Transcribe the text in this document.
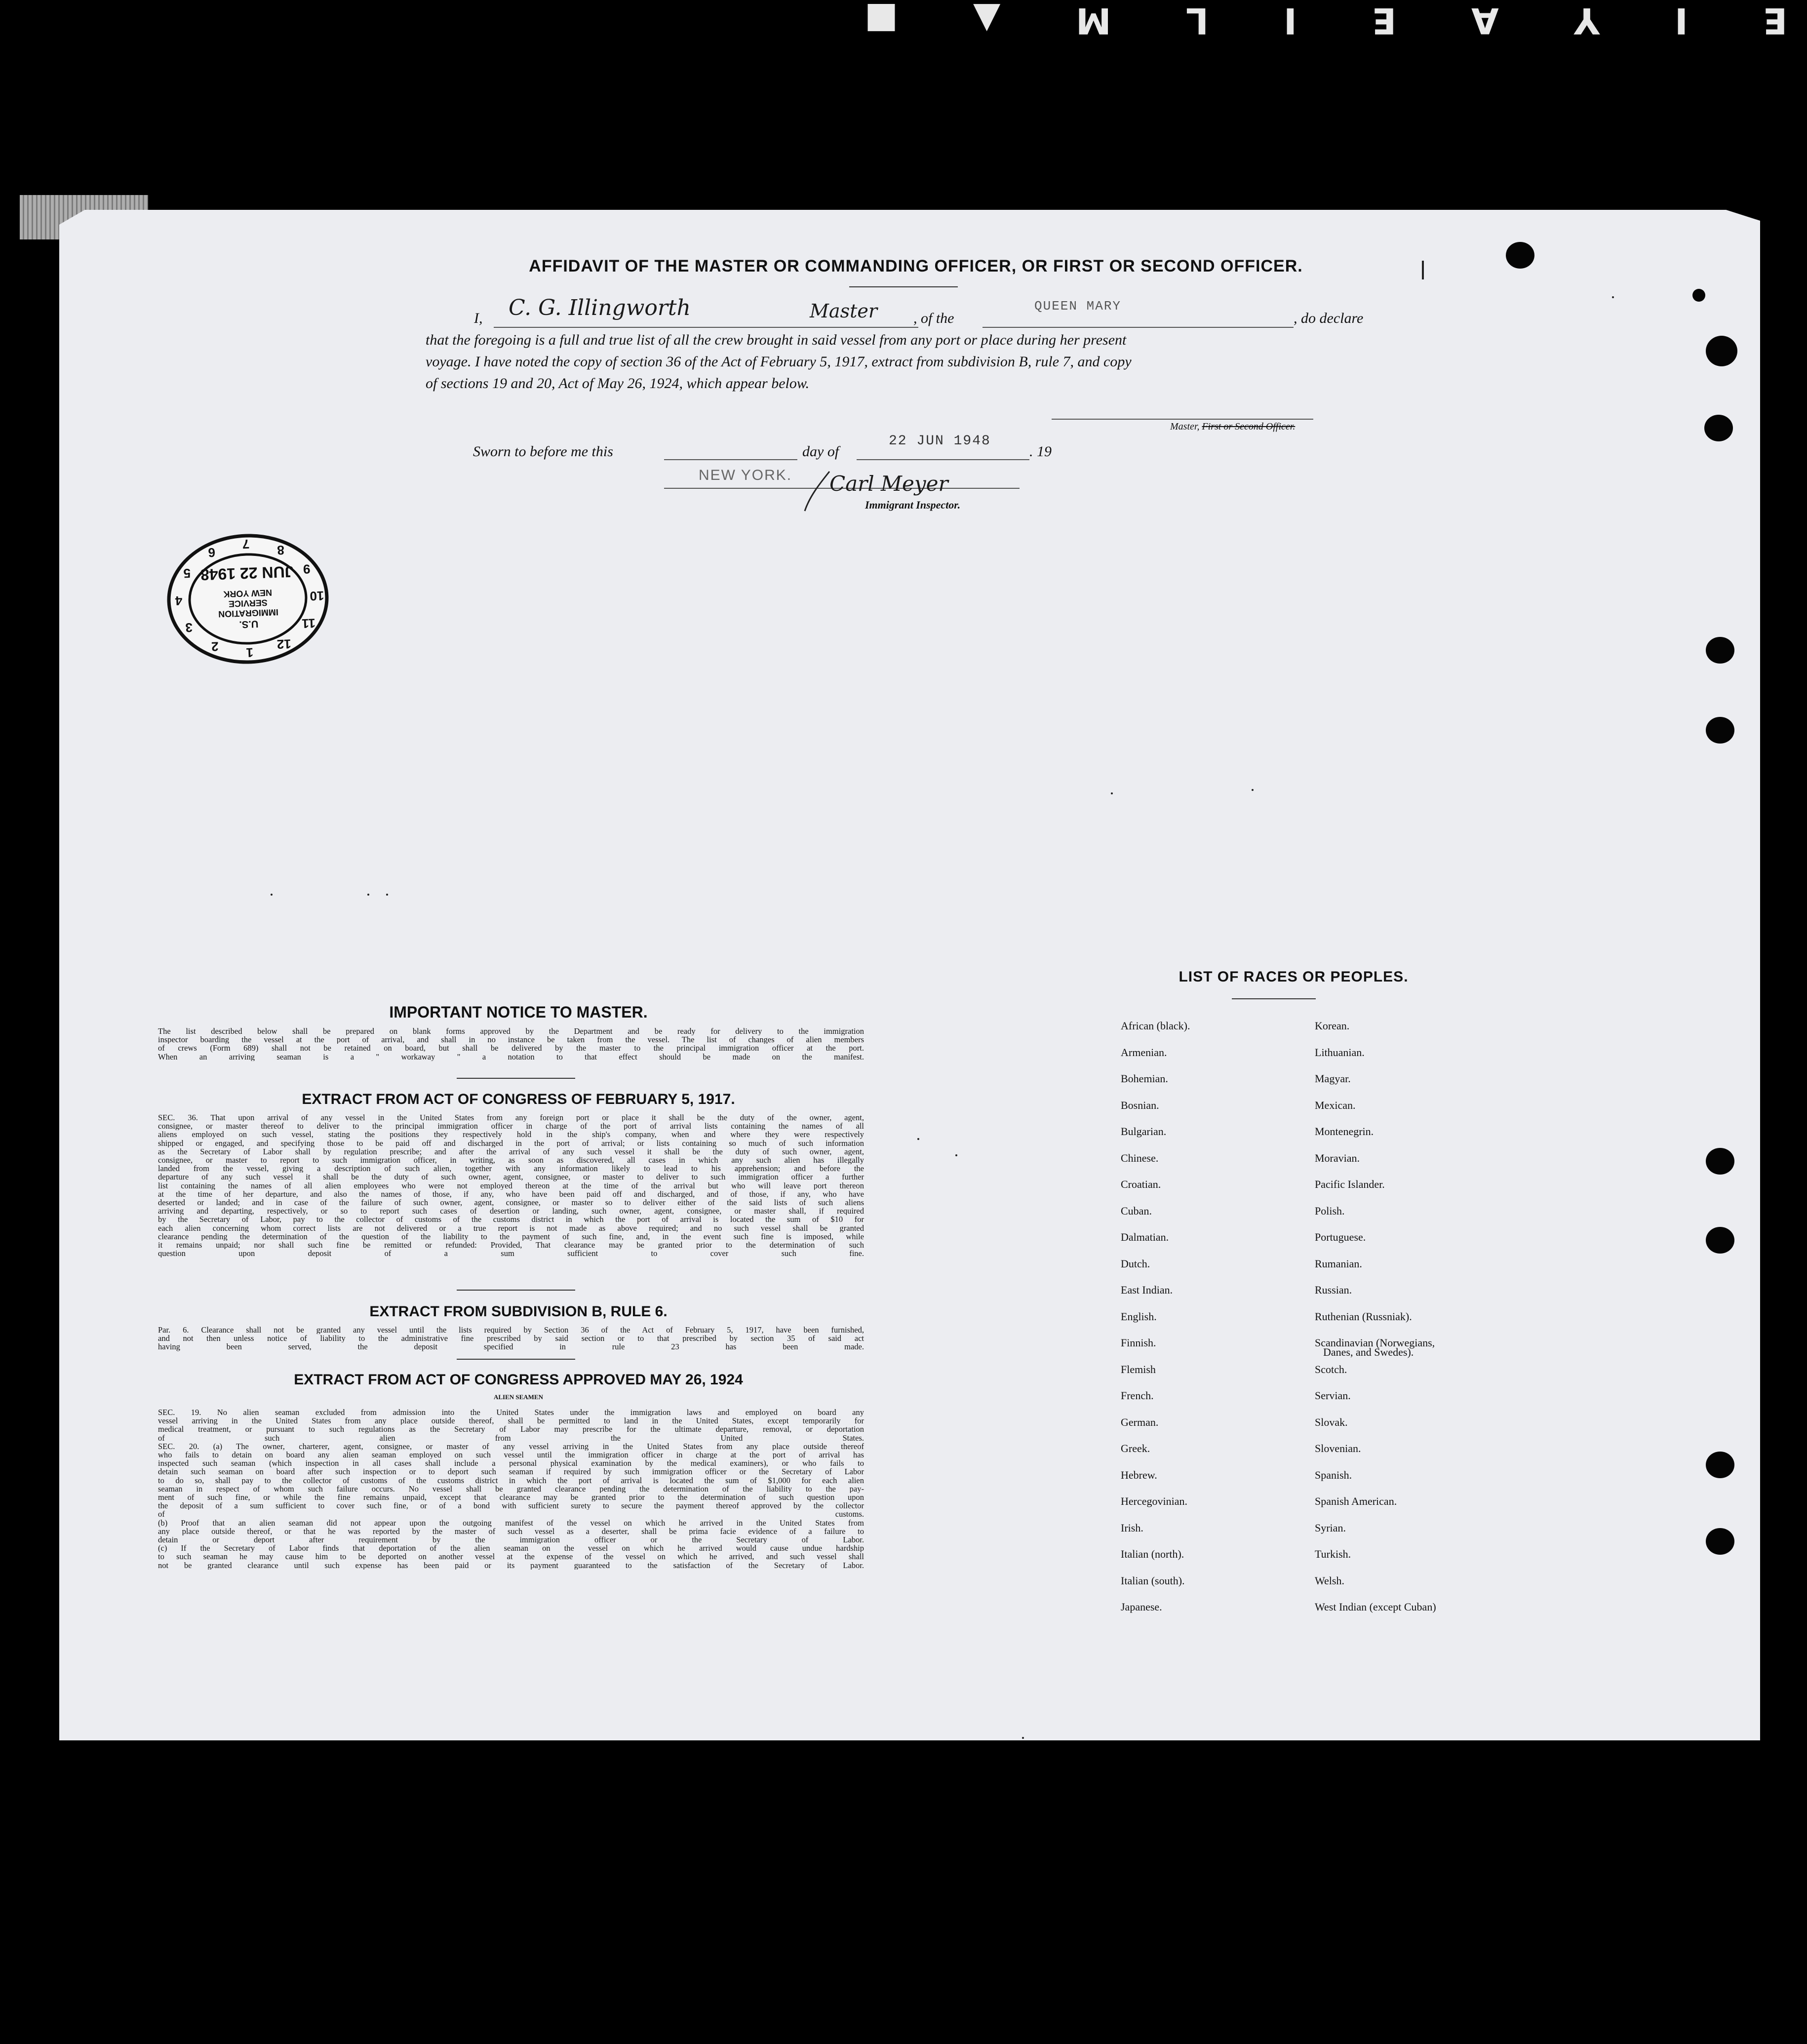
■ ▲ M L I E A Y I E
AFFIDAVIT OF THE MASTER OR COMMANDING OFFICER, OR FIRST OR SECOND OFFICER.
I, C. G. Illingworth	Master , of the
QUEEN MARY
, do declare
that the foregoing is a full and true list of all the crew brought in said vessel from any port or place during her present
voyage. I have noted the copy of section 36 of the Act of February 5, 1917, extract from subdivision B, rule 7, and copy
of sections 19 and 20, Act of May 26, 1924, which appear below.
Master, First or Second Officer.
Sworn to before me this	day of
22 JUN 1948
. 19
NEW YORK. Carl Meyer
Immigrant Inspector.
1
2
3
4
5
6
7 8
9
10
11
12
U.S.
IMMIGRATION
SERVICE
NEW YORK
JUN 22 1948
IMPORTANT NOTICE TO MASTER.
The list described below shall be prepared on blank forms approved by the Department and be ready for delivery to the immigration
inspector boarding the vessel at the port of arrival, and shall in no instance be taken from the vessel. The list of changes of alien members
of crews (Form 689) shall not be retained on board, but shall be delivered by the master to the principal immigration officer at the port.
When an arriving seaman is a " workaway " a notation to that effect should be made on the manifest.
EXTRACT FROM ACT OF CONGRESS OF FEBRUARY 5, 1917.
SEC. 36. That upon arrival of any vessel in the United States from any foreign port or place it shall be the duty of the owner, agent,
consignee, or master thereof to deliver to the principal immigration officer in charge of the port of arrival lists containing the names of all
aliens employed on such vessel, stating the positions they respectively hold in the ship's company, when and where they were respectively
shipped or engaged, and specifying those to be paid off and discharged in the port of arrival; or lists containing so much of such information
as the Secretary of Labor shall by regulation prescribe; and after the arrival of any such vessel it shall be the duty of such owner, agent,
consignee, or master to report to such immigration officer, in writing, as soon as discovered, all cases in which any such alien has illegally
landed from the vessel, giving a description of such alien, together with any information likely to lead to his apprehension; and before the
departure of any such vessel it shall be the duty of such owner, agent, consignee, or master to deliver to such immigration officer a further
list containing the names of all alien employees who were not employed thereon at the time of the arrival but who will leave port thereon
at the time of her departure, and also the names of those, if any, who have been paid off and discharged, and of those, if any, who have
deserted or landed; and in case of the failure of such owner, agent, consignee, or master so to deliver either of the said lists of such aliens
arriving and departing, respectively, or so to report such cases of desertion or landing, such owner, agent, consignee, or master shall, if required
by the Secretary of Labor, pay to the collector of customs of the customs district in which the port of arrival is located the sum of $10 for
each alien concerning whom correct lists are not delivered or a true report is not made as above required; and no such vessel shall be granted
clearance pending the determination of the question of the liability to the payment of such fine, and, in the event such fine is imposed, while
it remains unpaid; nor shall such fine be remitted or refunded: Provided, That clearance may be granted prior to the determination of such
question upon deposit of a sum sufficient to cover such fine.
EXTRACT FROM SUBDIVISION B, RULE 6.
Par. 6. Clearance shall not be granted any vessel until the lists required by Section 36 of the Act of February 5, 1917, have been furnished,
and not then unless notice of liability to the administrative fine prescribed by said section or to that prescribed by section 35 of said act
having been served, the deposit specified in rule 23 has been made.
EXTRACT FROM ACT OF CONGRESS APPROVED MAY 26, 1924
ALIEN SEAMEN
SEC. 19. No alien seaman excluded from admission into the United States under the immigration laws and employed on board any
vessel arriving in the United States from any place outside thereof, shall be permitted to land in the United States, except temporarily for
medical treatment, or pursuant to such regulations as the Secretary of Labor may prescribe for the ultimate departure, removal, or deportation
of such alien from the United States.
SEC. 20. (a) The owner, charterer, agent, consignee, or master of any vessel arriving in the United States from any place outside thereof
who fails to detain on board any alien seaman employed on such vessel until the immigration officer in charge at the port of arrival has
inspected such seaman (which inspection in all cases shall include a personal physical examination by the medical examiners), or who fails to
detain such seaman on board after such inspection or to deport such seaman if required by such immigration officer or the Secretary of Labor
to do so, shall pay to the collector of customs of the customs district in which the port of arrival is located the sum of $1,000 for each alien
seaman in respect of whom such failure occurs. No vessel shall be granted clearance pending the determination of the liability to the pay-
ment of such fine, or while the fine remains unpaid, except that clearance may be granted prior to the determination of such question upon
the deposit of a sum sufficient to cover such fine, or of a bond with sufficient surety to secure the payment thereof approved by the collector
of customs.
(b) Proof that an alien seaman did not appear upon the outgoing manifest of the vessel on which he arrived in the United States from
any place outside thereof, or that he was reported by the master of such vessel as a deserter, shall be prima facie evidence of a failure to
detain or deport after requirement by the immigration officer or the Secretary of Labor.
(c) If the Secretary of Labor finds that deportation of the alien seaman on the vessel on which he arrived would cause undue hardship
to such seaman he may cause him to be deported on another vessel at the expense of the vessel on which he arrived, and such vessel shall
not be granted clearance until such expense has been paid or its payment guaranteed to the satisfaction of the Secretary of Labor.
LIST OF RACES OR PEOPLES.
African (black).
Armenian.
Bohemian.
Bosnian.
Bulgarian.
Chinese.
Croatian.
Cuban.
Dalmatian.
Dutch.
East Indian.
English.
Finnish.
Flemish
French.
German.
Greek.
Hebrew.
Hercegovinian.
Irish.
Italian (north).
Italian (south).
Japanese.
Korean.
Lithuanian.
Magyar.
Mexican.
Montenegrin.
Moravian.
Pacific Islander.
Polish.
Portuguese.
Rumanian.
Russian.
Ruthenian (Russniak).
Scandinavian (Norwegians,
Scotch.
Servian.
Slovak.
Slovenian.
Spanish.
Spanish American.
Syrian.
Turkish.
Welsh.
West Indian (except Cuban)
Danes, and Swedes).
